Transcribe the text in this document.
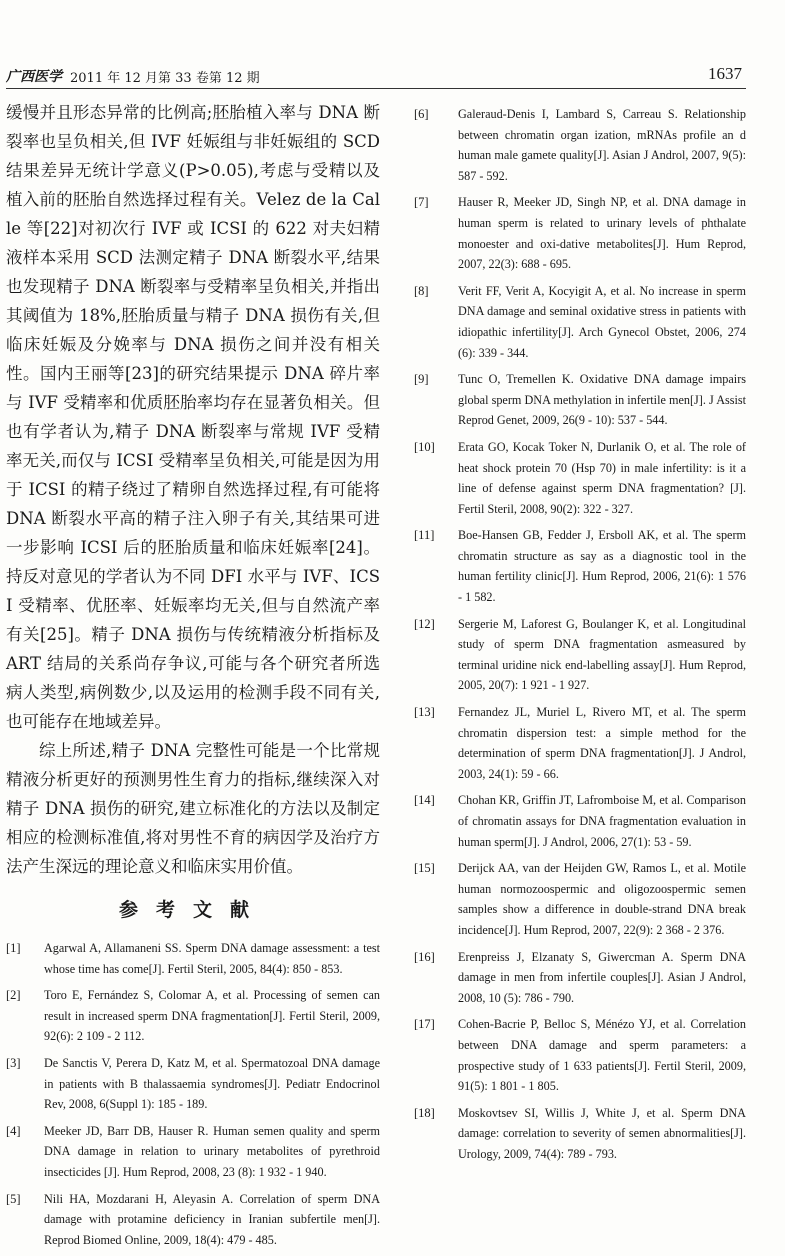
广西医学 2011 年 12 月第 33 卷第 12 期	1637

缓慢并且形态异常的比例高;胚胎植入率与 DNA 断裂率也呈负相关,但 IVF 妊娠组与非妊娠组的 SCD 结果差异无统计学意义(P>0.05),考虑与受精以及植入前的胚胎自然选择过程有关。Velez de la Calle 等[22]对初次行 IVF 或 ICSI 的 622 对夫妇精液样本采用 SCD 法测定精子 DNA 断裂水平,结果也发现精子 DNA 断裂率与受精率呈负相关,并指出其阈值为 18%,胚胎质量与精子 DNA 损伤有关,但临床妊娠及分娩率与 DNA 损伤之间并没有相关性。国内王丽等[23]的研究结果提示 DNA 碎片率与 IVF 受精率和优质胚胎率均存在显著负相关。但也有学者认为,精子 DNA 断裂率与常规 IVF 受精率无关,而仅与 ICSI 受精率呈负相关,可能是因为用于 ICSI 的精子绕过了精卵自然选择过程,有可能将 DNA 断裂水平高的精子注入卵子有关,其结果可进一步影响 ICSI 后的胚胎质量和临床妊娠率[24]。持反对意见的学者认为不同 DFI 水平与 IVF、ICSI 受精率、优胚率、妊娠率均无关,但与自然流产率有关[25]。精子 DNA 损伤与传统精液分析指标及 ART 结局的关系尚存争议,可能与各个研究者所选病人类型,病例数少,以及运用的检测手段不同有关,也可能存在地域差异。

综上所述,精子 DNA 完整性可能是一个比常规精液分析更好的预测男性生育力的指标,继续深入对精子 DNA 损伤的研究,建立标准化的方法以及制定相应的检测标准值,将对男性不育的病因学及治疗方法产生深远的理论意义和临床实用价值。

参考文献
[1]	Agarwal A, Allamaneni SS. Sperm DNA damage assessment: a test whose time has come[J]. Fertil Steril, 2005, 84(4): 850 - 853.
[2]	Toro E, Fernández S, Colomar A, et al. Processing of semen can result in increased sperm DNA fragmentation[J]. Fertil Steril, 2009, 92(6): 2 109 - 2 112.
[3]	De Sanctis V, Perera D, Katz M, et al. Spermatozoal DNA damage in patients with B thalassaemia syndromes[J]. Pediatr Endocrinol Rev, 2008, 6(Suppl 1): 185 - 189.
[4]	Meeker JD, Barr DB, Hauser R. Human semen quality and sperm DNA damage in relation to urinary metabolites of pyrethroid insecticides [J]. Hum Reprod, 2008, 23 (8): 1 932 - 1 940.
[5]	Nili HA, Mozdarani H, Aleyasin A. Correlation of sperm DNA damage with protamine deficiency in Iranian subfertile men[J]. Reprod Biomed Online, 2009, 18(4): 479 - 485.
[6]	Galeraud-Denis I, Lambard S, Carreau S. Relationship between chromatin organ ization, mRNAs profile an d human male gamete quality[J]. Asian J Androl, 2007, 9(5): 587 - 592.
[7]	Hauser R, Meeker JD, Singh NP, et al. DNA damage in human sperm is related to urinary levels of phthalate monoester and oxi-dative metabolites[J]. Hum Reprod, 2007, 22(3): 688 - 695.
[8]	Verit FF, Verit A, Kocyigit A, et al. No increase in sperm DNA damage and seminal oxidative stress in patients with idiopathic infertility[J]. Arch Gynecol Obstet, 2006, 274 (6): 339 - 344.
[9]	Tunc O, Tremellen K. Oxidative DNA damage impairs global sperm DNA methylation in infertile men[J]. J Assist Reprod Genet, 2009, 26(9 - 10): 537 - 544.
[10]	Erata GO, Kocak Toker N, Durlanik O, et al. The role of heat shock protein 70 (Hsp 70) in male infertility: is it a line of defense against sperm DNA fragmentation? [J]. Fertil Steril, 2008, 90(2): 322 - 327.
[11]	Boe-Hansen GB, Fedder J, Ersboll AK, et al. The sperm chromatin structure as say as a diagnostic tool in the human fertility clinic[J]. Hum Reprod, 2006, 21(6): 1 576 - 1 582.
[12]	Sergerie M, Laforest G, Boulanger K, et al. Longitudinal study of sperm DNA fragmentation asmeasured by terminal uridine nick end-labelling assay[J]. Hum Reprod, 2005, 20(7): 1 921 - 1 927.
[13]	Fernandez JL, Muriel L, Rivero MT, et al. The sperm chromatin dispersion test: a simple method for the determination of sperm DNA fragmentation[J]. J Androl, 2003, 24(1): 59 - 66.
[14]	Chohan KR, Griffin JT, Lafromboise M, et al. Comparison of chromatin assays for DNA fragmentation evaluation in human sperm[J]. J Androl, 2006, 27(1): 53 - 59.
[15]	Derijck AA, van der Heijden GW, Ramos L, et al. Motile human normozoospermic and oligozoospermic semen samples show a difference in double-strand DNA break incidence[J]. Hum Reprod, 2007, 22(9): 2 368 - 2 376.
[16]	Erenpreiss J, Elzanaty S, Giwercman A. Sperm DNA damage in men from infertile couples[J]. Asian J Androl, 2008, 10 (5): 786 - 790.
[17]	Cohen-Bacrie P, Belloc S, Ménézo YJ, et al. Correlation between DNA damage and sperm parameters: a prospective study of 1 633 patients[J]. Fertil Steril, 2009, 91(5): 1 801 - 1 805.
[18]	Moskovtsev SI, Willis J, White J, et al. Sperm DNA damage: correlation to severity of semen abnormalities[J]. Urology, 2009, 74(4): 789 - 793.
